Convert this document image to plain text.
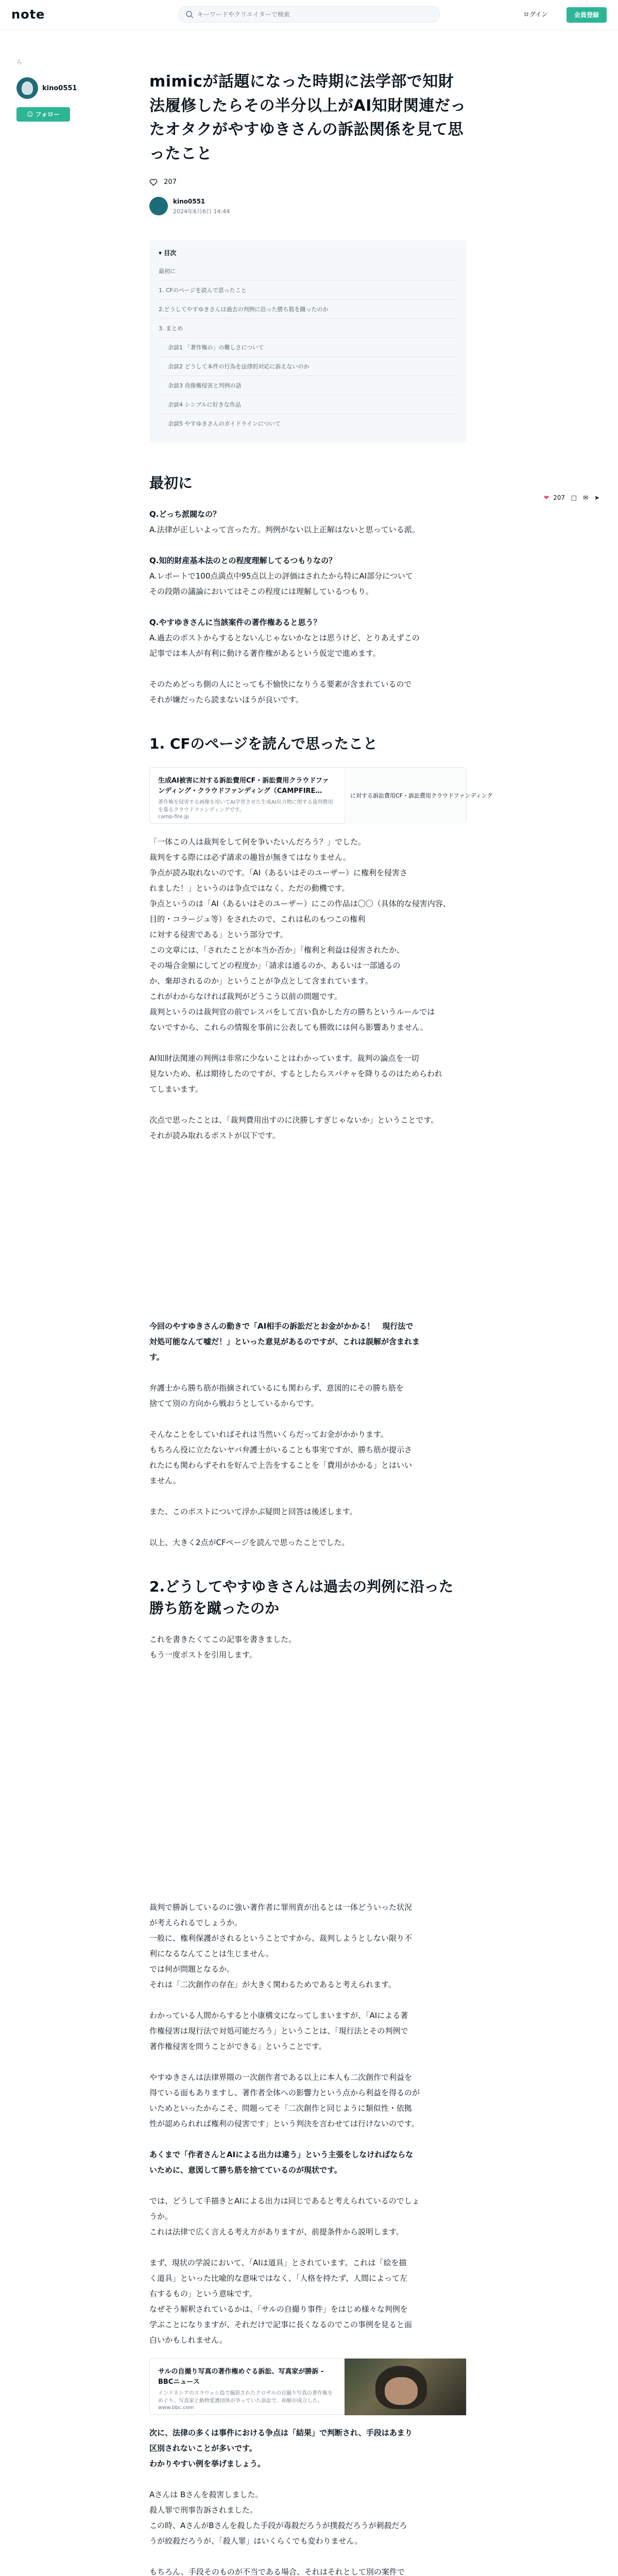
note
キーワードやクリエイターで検索	ログイン	会員登録
ら
kino0551
☺ フォロー
❤ 207 □ ✉ ➤
mimicが話題になった時期に法学部で知財法履修したらその半分以上がAI知財関連だったオタクがやすゆきさんの訴訟関係を見て思ったこと
207
kino0551
2024年6月6日 14:44
▾ 目次
最初に
1. CFのページを読んで思ったこと
2.どうしてやすゆきさんは過去の判例に沿った勝ち筋を蹴ったのか
3. まとめ
余談1 「著作権の」の難しさについて
余談2 どうして本件の行為を法律的対応に訴えないのか
余談3 肖像権侵害と判例の話
余談4 シンプルに好きな作品
余談5 やすゆきさんのガイドラインについて
最初に

Q.どっち派閥なの？

A.法律が正しいよって言った方。判例がない以上正解はないと思っている派。

Q.知的財産基本法のとの程度理解してるつもりなの？

A.レポートで100点満点中95点以上の評価はされたから特にAI部分について
その段階の議論においてはそこの程度には理解しているつもり。

Q.やすゆきさんに当該案件の著作権あると思う？

A.過去のポストからするとないんじゃないかなとは思うけど、とりあえずこの
記事では本人が有利に動ける著作権があるという仮定で進めます。

そのためどっち側の人にとっても不愉快になりうる要素が含まれているので
それが嫌だったら読まないほうが良いです。

1. CFのページを読んで思ったこと
生成AI被害に対する訴訟費用CF・訴訟費用クラウドファンディング・クラウドファンディング（CAMPFIRE…
著作権を侵害する画像を用いてAI学習させた生成AI出力物に関する裁判費用を募るクラウドファンディングです。
camp-fire.jp
に対する訴訟費用CF・訴訟費用クラウドファンディング

「一体この人は裁判をして何を争いたいんだろう？」でした。
裁判をする際には必ず請求の趣旨が無きてはなりません。
争点が読み取れないのです。「AI（あるいはそのユーザー）に権利を侵害さ
れました！」というのは争点ではなく、ただの動機です。
争点というのは「AI（あるいはそのユーザー）にこの作品は〇〇（具体的な侵害内容、
目的・コラージュ等）をされたので、これは私のもつこの権利
に対する侵害である」という部分です。
この文章には、「されたことが本当か否か」「権利と利益は侵害されたか、
その場合金額にしてどの程度か」「請求は通るのか、あるいは一部通るの
か、棄却されるのか」ということが争点として含まれています。
これがわからなければ裁判がどうこう以前の問題です。
裁判というのは裁判官の前でレスバをして言い負かした方の勝ちというルールでは
ないですから、これらの情報を事前に公表しても勝敗には何ら影響ありません。

AI知財法関連の判例は非常に少ないことはわかっています。裁判の論点を一切
見ないため、私は期待したのですが、するとしたらスパチャを降りるのはためらわれ
てしまいます。

次点で思ったことは、「裁判費用出すのに決勝しすぎじゃないか」ということです。
それが読み取れるポストが以下です。

今回のやすゆきさんの動きで「AI相手の訴訟だとお金がかかる！　現行法で
対処可能なんて嘘だ！」といった意見があるのですが、これは誤解が含まれま
す。

弁護士から勝ち筋が指摘されているにも関わらず、意図的にその勝ち筋を
捨てて別の方向から戦おうとしているからです。

そんなことをしていればそれは当然いくらだってお金がかかります。
もちろん役に立たないヤバ弁護士がいることも事実ですが、勝ち筋が提示さ
れたにも関わらずそれを好んで上告をすることを「費用がかかる」とはいい
ません。

また、このポストについて浮かぶ疑問と回答は後述します。

以上、大きく2点がCFページを読んで思ったことでした。

2.どうしてやすゆきさんは過去の判例に沿った勝ち筋を蹴ったのか

これを書きたくてこの記事を書きました。
もう一度ポストを引用します。

裁判で勝訴しているのに強い著作者に罪刑責が出るとは一体どういった状況
が考えられるでしょうか。
一般に、権利保護がされるということですから、裁判しようとしない限り不
利になるなんてことは生じません。
では何が問題となるか。
それは「二次創作の存在」が大きく関わるためであると考えられます。

わかっている人間からすると小康構文になってしまいますが、「AIによる著
作権侵害は現行法で対処可能だろう」ということは、「現行法とその判例で
著作権侵害を問うことができる」ということです。

やすゆきさんは法律界隈の一次創作者である以上に本人も二次創作で利益を
得ている面もありますし、著作者全体への影響力という点から利益を得るのが
いためといったからこそ、問題ってそ「二次創作と同じように類似性・依拠
性が認められれば権利の侵害です」という判決を言わせては行けないのです。

あくまで「作者さんとAIによる出力は違う」という主張をしなければならな
いために、意図して勝ち筋を捨てているのが現状です。

では、どうして手描きとAIによる出力は同じであると考えられているのでしょ
うか。
これは法律で広く言える考え方がありますが、前提条件から説明します。

まず、現状の学説において、「AIは道具」とされています。これは「絵を描
く道具」といった比喩的な意味ではなく、「人格を持たず、人間によって左
右するもの」という意味です。
なぜそう解釈されているかは、「サルの自撮り事件」をはじめ様々な判例を
学ぶことになりますが、それだけで記事に長くなるのでこの事例を見ると面
白いかもしれません。

サルの自撮り写真の著作権めぐる訴訟、写真家が勝訴 - BBCニュース
インドネシアのスラウェシ島で撮影されたクロザルの自撮り写真の著作権をめぐり、写真家と動物愛護団体が争っていた訴訟で、和解が成立した。
www.bbc.com

次に、法律の多くは事件における争点は「結果」で判断され、手段はあまり
区別されないことが多いです。
わかりやすい例を挙げましょう。

Aさんは Bさんを殺害しました。
殺人罪で刑事告訴されました。
この時、AさんがBさんを殺した手段が毒殺だろうが撲殺だろうが刺殺だろ
うが絞殺だろうが、「殺人罪」はいくらくでも変わりません。

もちろん、手段そのものが不当である場合、それはそれとして別の案件で
